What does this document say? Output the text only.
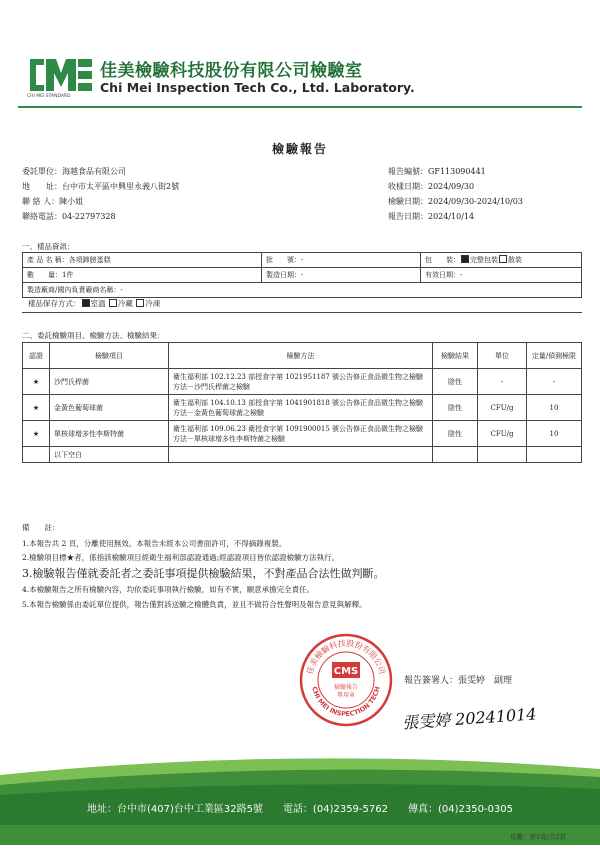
CHI MEI STANDARD
佳美檢驗科技股份有限公司檢驗室
Chi Mei Inspection Tech Co., Ltd. Laboratory.
檢驗報告
委託單位：海越食品有限公司
地　　址：台中市太平區中興里永義八街2號
聯 絡 人：陳小姐
聯絡電話：04-22797328
報告編號：GF113090441
收樣日期：2024/09/30
檢驗日期：2024/09/30-2024/10/03
報告日期：2024/10/14
一、樣品資訊：
產 品 名 稱：各項蹄膀蛋糕	批　　號：-	包　　裝： 完整包裝 散裝
數　　量：1件	製造日期：-	有效日期：-
製造廠商/國內負責廠商名稱：-		
樣品保存方式： 室溫 冷藏 冷凍
二、委託檢驗項目、檢驗方法、檢驗結果：
認證	檢驗項目	檢驗方法	檢驗結果	單位	定量/偵測極限
★	沙門氏桿菌	衛生福利部 102.12.23 部授食字第 1021951187 號公告修正食品微生物之檢驗方法－沙門氏桿菌之檢驗	陰性	-	-
★	金黃色葡萄球菌	衛生福利部 104.10.13 部授食字第 1041901818 號公告修正食品微生物之檢驗方法－金黃色葡萄球菌之檢驗	陰性	CFU/g	10
★	單核球增多性李斯特菌	衛生福利部 109.06.23 衛授食字第 1091900015 號公告修正食品微生物之檢驗方法－單核球增多性李斯特菌之檢驗	陰性	CFU/g	10
	以下空白				
備　　註：
1.本報告共 2 頁，分離使用無效。本報告未經本公司書面許可，不得摘錄複製。
2.檢驗項目標★者，係指該檢驗項目經衛生福利部認證通過;經認證項目皆依認證檢驗方法執行。
3.檢驗報告僅就委託者之委託事項提供檢驗結果，不對產品合法性做判斷。
4.本檢驗報告之所有檢驗內容，均依委託事項執行檢驗，如有不實，願意承擔完全責任。
5.本報告檢驗係由委託單位提供，報告僅對該送驗之檢體負責，並且不做符合性聲明及報告意見與解釋。
佳美檢驗科技股份有限公司
CHI MEI INSPECTION TECH
CMS
檢驗報告
專用章
報告簽署人：張雯婷　 副理
張雯婷 20241014
地址：台中市(407)台中工業區32路5號　　 電話：(04)2359-5762　　 傳真：(04)2350-0305
頁數：第1頁/共2頁
